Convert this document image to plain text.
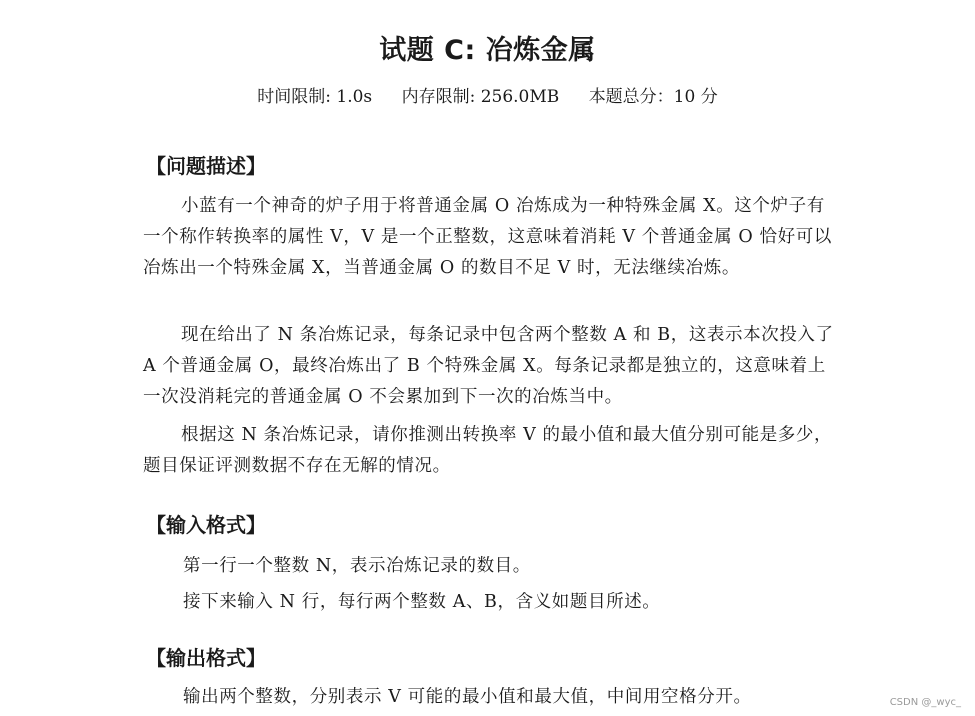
试题 C: 冶炼金属
时间限制: 1.0s 内存限制: 256.0MB 本题总分：10 分
【问题描述】
小蓝有一个神奇的炉子用于将普通金属 O 冶炼成为一种特殊金属 X。这个炉子有一个称作转换率的属性 V，V 是一个正整数，这意味着消耗 V 个普通金属 O 恰好可以冶炼出一个特殊金属 X，当普通金属 O 的数目不足 V 时，无法继续冶炼。
现在给出了 N 条冶炼记录，每条记录中包含两个整数 A 和 B，这表示本次投入了 A 个普通金属 O，最终冶炼出了 B 个特殊金属 X。每条记录都是独立的，这意味着上一次没消耗完的普通金属 O 不会累加到下一次的冶炼当中。
根据这 N 条冶炼记录，请你推测出转换率 V 的最小值和最大值分别可能是多少，题目保证评测数据不存在无解的情况。
【输入格式】
第一行一个整数 N，表示冶炼记录的数目。
接下来输入 N 行，每行两个整数 A、B，含义如题目所述。
【输出格式】
输出两个整数，分别表示 V 可能的最小值和最大值，中间用空格分开。	CSDN @_wyc_
